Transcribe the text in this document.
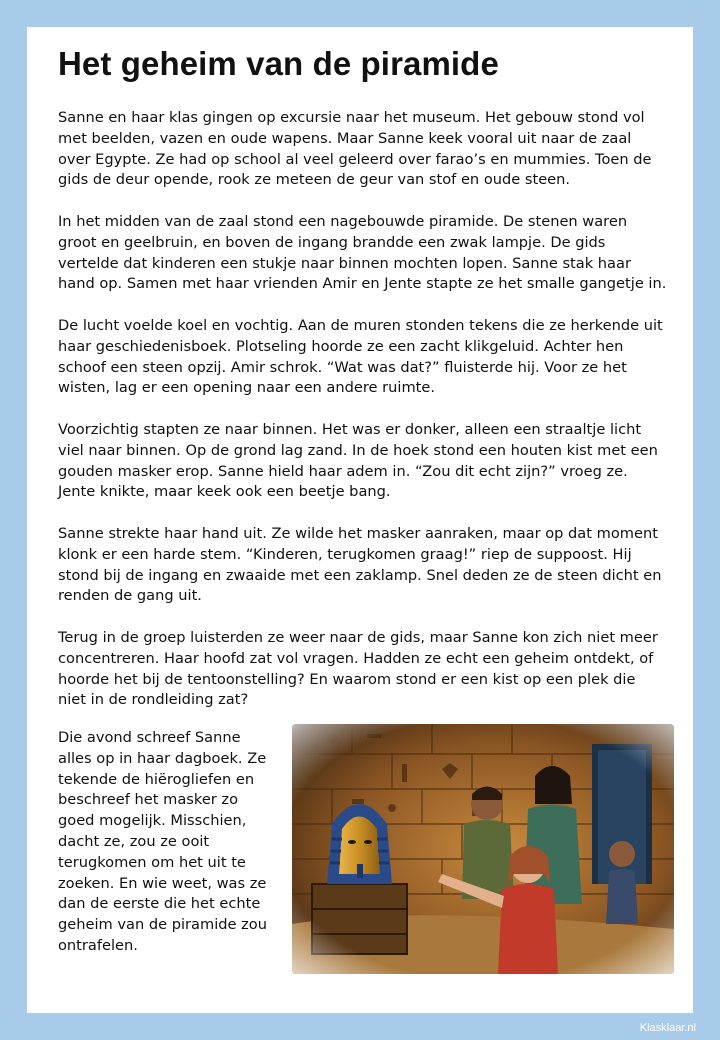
Het geheim van de piramide

Sanne en haar klas gingen op excursie naar het museum. Het gebouw stond vol met beelden, vazen en oude wapens. Maar Sanne keek vooral uit naar de zaal over Egypte. Ze had op school al veel geleerd over farao’s en mummies. Toen de gids de deur opende, rook ze meteen de geur van stof en oude steen.

In het midden van de zaal stond een nagebouwde piramide. De stenen waren groot en geelbruin, en boven de ingang brandde een zwak lampje. De gids vertelde dat kinderen een stukje naar binnen mochten lopen. Sanne stak haar hand op. Samen met haar vrienden Amir en Jente stapte ze het smalle gangetje in.

De lucht voelde koel en vochtig. Aan de muren stonden tekens die ze herkende uit haar geschiedenisboek. Plotseling hoorde ze een zacht klikgeluid. Achter hen schoof een steen opzij. Amir schrok. “Wat was dat?” fluisterde hij. Voor ze het wisten, lag er een opening naar een andere ruimte.

Voorzichtig stapten ze naar binnen. Het was er donker, alleen een straaltje licht viel naar binnen. Op de grond lag zand. In de hoek stond een houten kist met een gouden masker erop. Sanne hield haar adem in. “Zou dit echt zijn?” vroeg ze. Jente knikte, maar keek ook een beetje bang.

Sanne strekte haar hand uit. Ze wilde het masker aanraken, maar op dat moment klonk er een harde stem. “Kinderen, terugkomen graag!” riep de suppoost. Hij stond bij de ingang en zwaaide met een zaklamp. Snel deden ze de steen dicht en renden de gang uit.

Terug in de groep luisterden ze weer naar de gids, maar Sanne kon zich niet meer concentreren. Haar hoofd zat vol vragen. Hadden ze echt een geheim ontdekt, of hoorde het bij de tentoonstelling? En waarom stond er een kist op een plek die niet in de rondleiding zat?

Die avond schreef Sanne alles op in haar dagboek. Ze tekende de hiërogliefen en beschreef het masker zo goed mogelijk. Misschien, dacht ze, zou ze ooit terugkomen om het uit te zoeken. En wie weet, was ze dan de eerste die het echte geheim van de piramide zou ontrafelen.

Klasklaar.nl
